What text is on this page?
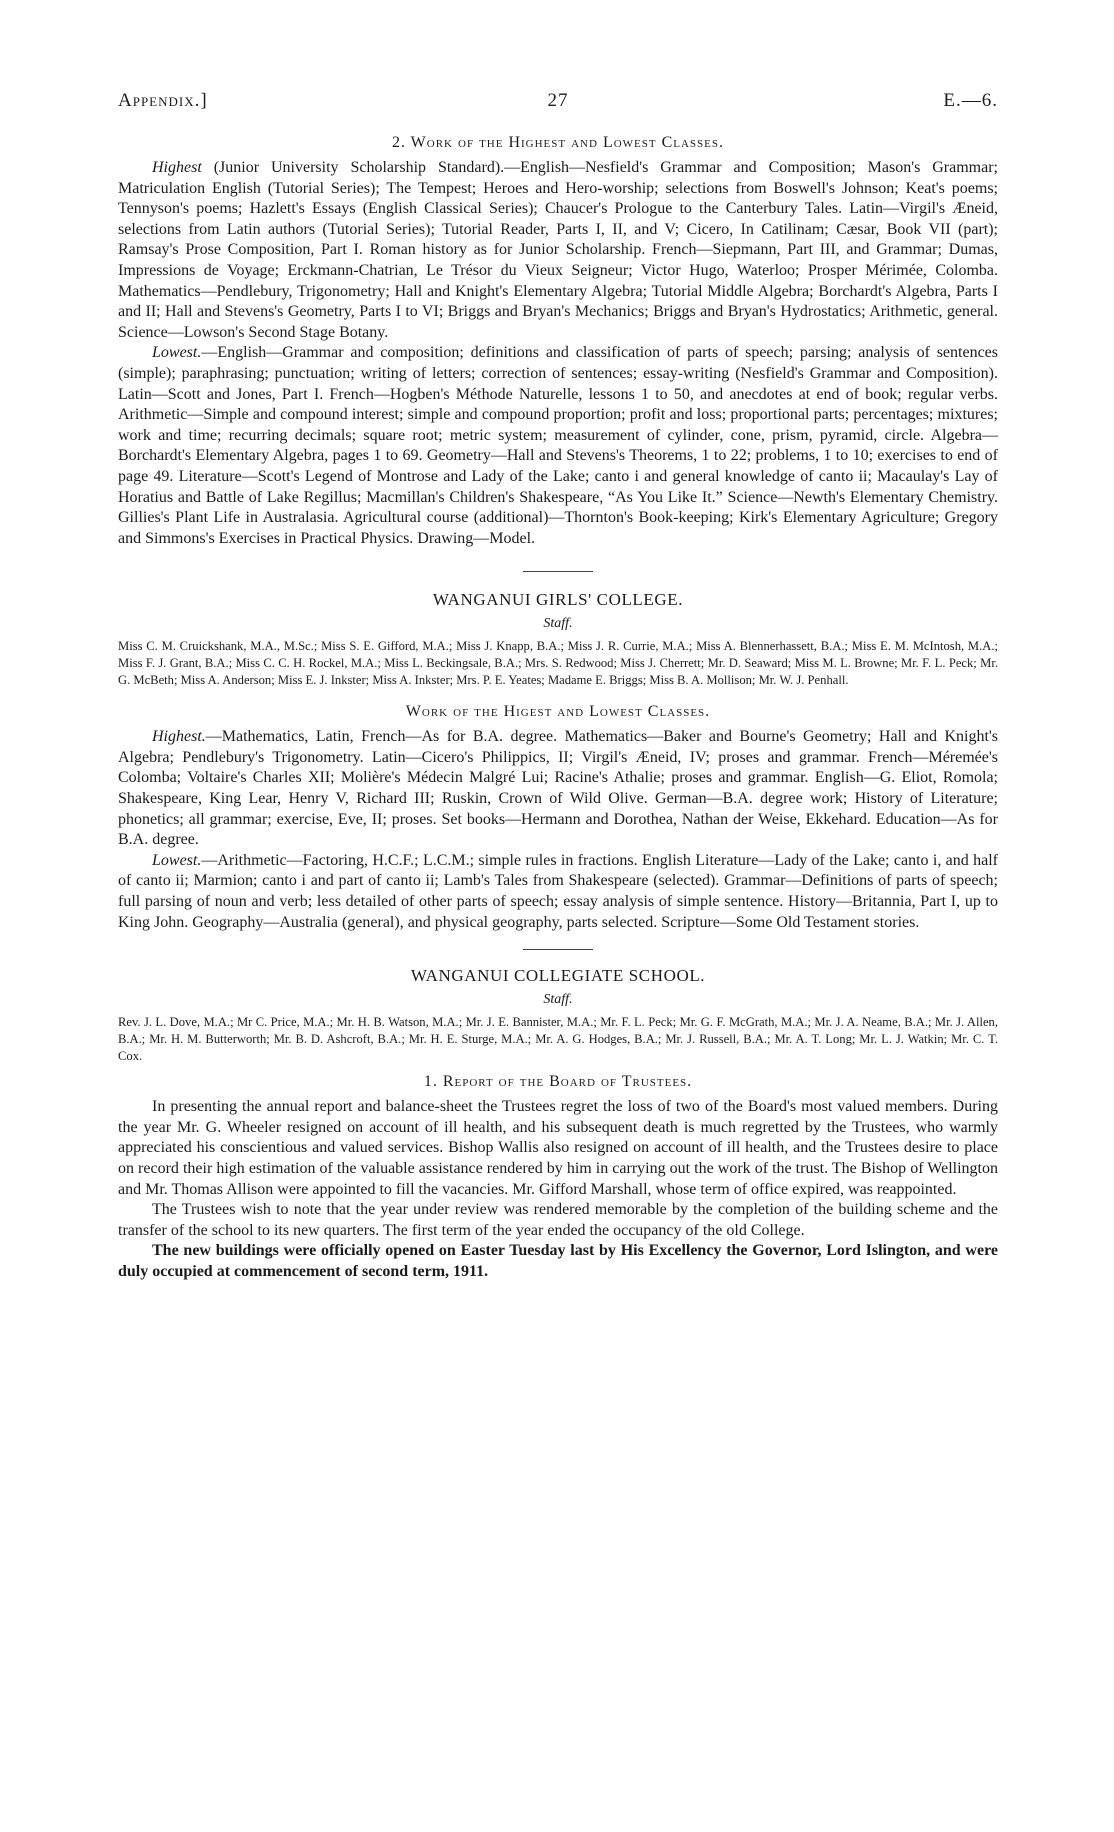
Appendix.]	27	E.—6.
2. Work of the Highest and Lowest Classes.

Highest (Junior University Scholarship Standard).—English—Nesfield's Grammar and Composition; Mason's Grammar; Matriculation English (Tutorial Series); The Tempest; Heroes and Hero-worship; selections from Boswell's Johnson; Keat's poems; Tennyson's poems; Hazlett's Essays (English Classical Series); Chaucer's Prologue to the Canterbury Tales. Latin—Virgil's Æneid, selections from Latin authors (Tutorial Series); Tutorial Reader, Parts I, II, and V; Cicero, In Catilinam; Cæsar, Book VII (part); Ramsay's Prose Composition, Part I. Roman history as for Junior Scholarship. French—Siepmann, Part III, and Grammar; Dumas, Impressions de Voyage; Erckmann-Chatrian, Le Trésor du Vieux Seigneur; Victor Hugo, Waterloo; Prosper Mérimée, Colomba. Mathematics—Pendlebury, Trigonometry; Hall and Knight's Elementary Algebra; Tutorial Middle Algebra; Borchardt's Algebra, Parts I and II; Hall and Stevens's Geometry, Parts I to VI; Briggs and Bryan's Mechanics; Briggs and Bryan's Hydrostatics; Arithmetic, general. Science—Lowson's Second Stage Botany.

Lowest.—English—Grammar and composition; definitions and classification of parts of speech; parsing; analysis of sentences (simple); paraphrasing; punctuation; writing of letters; correction of sentences; essay-writing (Nesfield's Grammar and Composition). Latin—Scott and Jones, Part I. French—Hogben's Méthode Naturelle, lessons 1 to 50, and anecdotes at end of book; regular verbs. Arithmetic—Simple and compound interest; simple and compound proportion; profit and loss; proportional parts; percentages; mixtures; work and time; recurring decimals; square root; metric system; measurement of cylinder, cone, prism, pyramid, circle. Algebra—Borchardt's Elementary Algebra, pages 1 to 69. Geometry—Hall and Stevens's Theorems, 1 to 22; problems, 1 to 10; exercises to end of page 49. Literature—Scott's Legend of Montrose and Lady of the Lake; canto i and general knowledge of canto ii; Macaulay's Lay of Horatius and Battle of Lake Regillus; Macmillan's Children's Shakespeare, “As You Like It.” Science—Newth's Elementary Chemistry. Gillies's Plant Life in Australasia. Agricultural course (additional)—Thornton's Book-keeping; Kirk's Elementary Agriculture; Gregory and Simmons's Exercises in Practical Physics. Drawing—Model.

WANGANUI GIRLS' COLLEGE.
Staff.

Miss C. M. Cruickshank, M.A., M.Sc.; Miss S. E. Gifford, M.A.; Miss J. Knapp, B.A.; Miss J. R. Currie, M.A.; Miss A. Blennerhassett, B.A.; Miss E. M. McIntosh, M.A.; Miss F. J. Grant, B.A.; Miss C. C. H. Rockel, M.A.; Miss L. Beckingsale, B.A.; Mrs. S. Redwood; Miss J. Cherrett; Mr. D. Seaward; Miss M. L. Browne; Mr. F. L. Peck; Mr. G. McBeth; Miss A. Anderson; Miss E. J. Inkster; Miss A. Inkster; Mrs. P. E. Yeates; Madame E. Briggs; Miss B. A. Mollison; Mr. W. J. Penhall.

Work of the Higest and Lowest Classes.

Highest.—Mathematics, Latin, French—As for B.A. degree. Mathematics—Baker and Bourne's Geometry; Hall and Knight's Algebra; Pendlebury's Trigonometry. Latin—Cicero's Philippics, II; Virgil's Æneid, IV; proses and grammar. French—Méremée's Colomba; Voltaire's Charles XII; Molière's Médecin Malgré Lui; Racine's Athalie; proses and grammar. English—G. Eliot, Romola; Shakespeare, King Lear, Henry V, Richard III; Ruskin, Crown of Wild Olive. German—B.A. degree work; History of Literature; phonetics; all grammar; exercise, Eve, II; proses. Set books—Hermann and Dorothea, Nathan der Weise, Ekkehard. Education—As for B.A. degree.

Lowest.—Arithmetic—Factoring, H.C.F.; L.C.M.; simple rules in fractions. English Literature—Lady of the Lake; canto i, and half of canto ii; Marmion; canto i and part of canto ii; Lamb's Tales from Shakespeare (selected). Grammar—Definitions of parts of speech; full parsing of noun and verb; less detailed of other parts of speech; essay analysis of simple sentence. History—Britannia, Part I, up to King John. Geography—Australia (general), and physical geography, parts selected. Scripture—Some Old Testament stories.

WANGANUI COLLEGIATE SCHOOL.
Staff.

Rev. J. L. Dove, M.A.; Mr C. Price, M.A.; Mr. H. B. Watson, M.A.; Mr. J. E. Bannister, M.A.; Mr. F. L. Peck; Mr. G. F. McGrath, M.A.; Mr. J. A. Neame, B.A.; Mr. J. Allen, B.A.; Mr. H. M. Butterworth; Mr. B. D. Ashcroft, B.A.; Mr. H. E. Sturge, M.A.; Mr. A. G. Hodges, B.A.; Mr. J. Russell, B.A.; Mr. A. T. Long; Mr. L. J. Watkin; Mr. C. T. Cox.

1. Report of the Board of Trustees.

In presenting the annual report and balance-sheet the Trustees regret the loss of two of the Board's most valued members. During the year Mr. G. Wheeler resigned on account of ill health, and his subsequent death is much regretted by the Trustees, who warmly appreciated his conscientious and valued services. Bishop Wallis also resigned on account of ill health, and the Trustees desire to place on record their high estimation of the valuable assistance rendered by him in carrying out the work of the trust. The Bishop of Wellington and Mr. Thomas Allison were appointed to fill the vacancies. Mr. Gifford Marshall, whose term of office expired, was reappointed.

The Trustees wish to note that the year under review was rendered memorable by the completion of the building scheme and the transfer of the school to its new quarters. The first term of the year ended the occupancy of the old College.

The new buildings were officially opened on Easter Tuesday last by His Excellency the Governor, Lord Islington, and were duly occupied at commencement of second term, 1911.
